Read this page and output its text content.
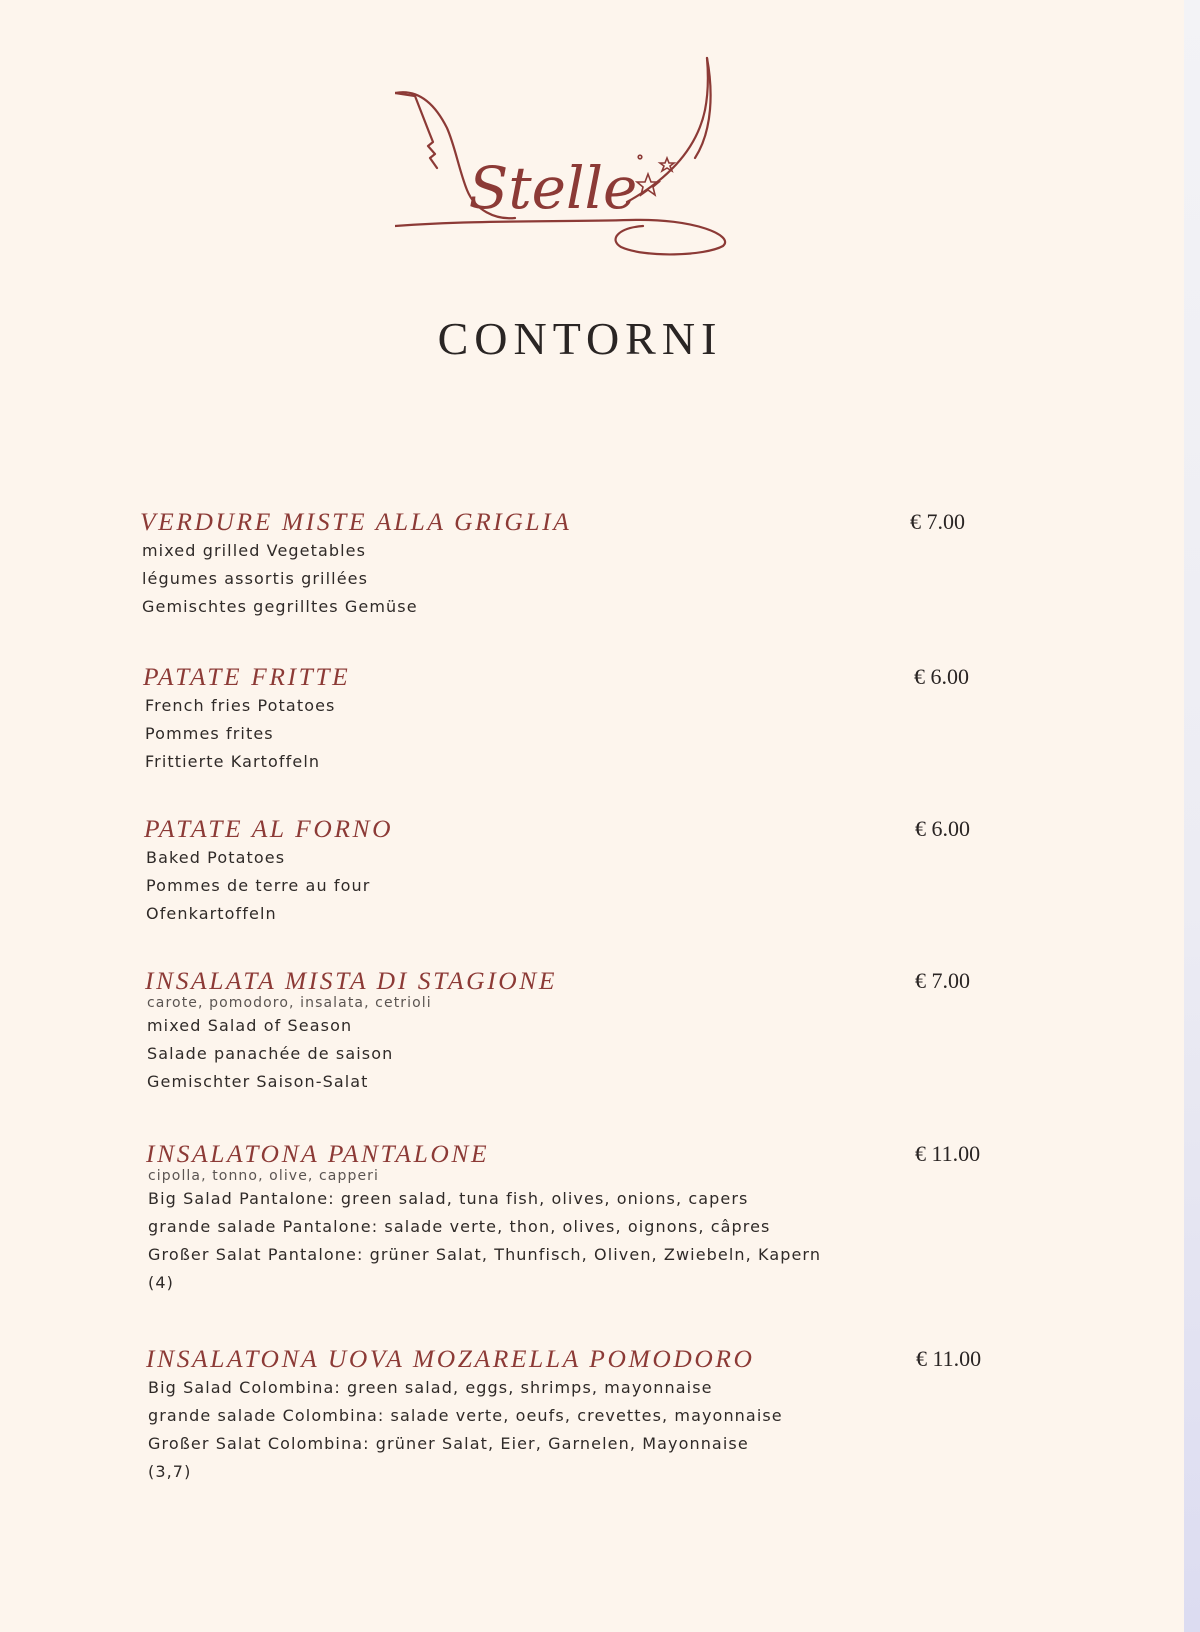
Stelle
CONTORNI
VERDURE MISTE ALLA GRIGLIA	€ 7.00
mixed grilled Vegetables
légumes assortis grillées
Gemischtes gegrilltes Gemüse
PATATE FRITTE	€ 6.00
French fries Potatoes
Pommes frites
Frittierte Kartoffeln
PATATE AL FORNO	€ 6.00
Baked Potatoes
Pommes de terre au four
Ofenkartoffeln
INSALATA MISTA DI STAGIONE	€ 7.00
carote, pomodoro, insalata, cetrioli
mixed Salad of Season
Salade panachée de saison
Gemischter Saison-Salat
INSALATONA PANTALONE	€ 11.00
cipolla, tonno, olive, capperi
Big Salad Pantalone: green salad, tuna fish, olives, onions, capers
grande salade Pantalone: salade verte, thon, olives, oignons, câpres
Großer Salat Pantalone: grüner Salat, Thunfisch, Oliven, Zwiebeln, Kapern
(4)
INSALATONA UOVA MOZARELLA POMODORO	€ 11.00
Big Salad Colombina: green salad, eggs, shrimps, mayonnaise
grande salade Colombina: salade verte, oeufs, crevettes, mayonnaise
Großer Salat Colombina: grüner Salat, Eier, Garnelen, Mayonnaise
(3,7)
